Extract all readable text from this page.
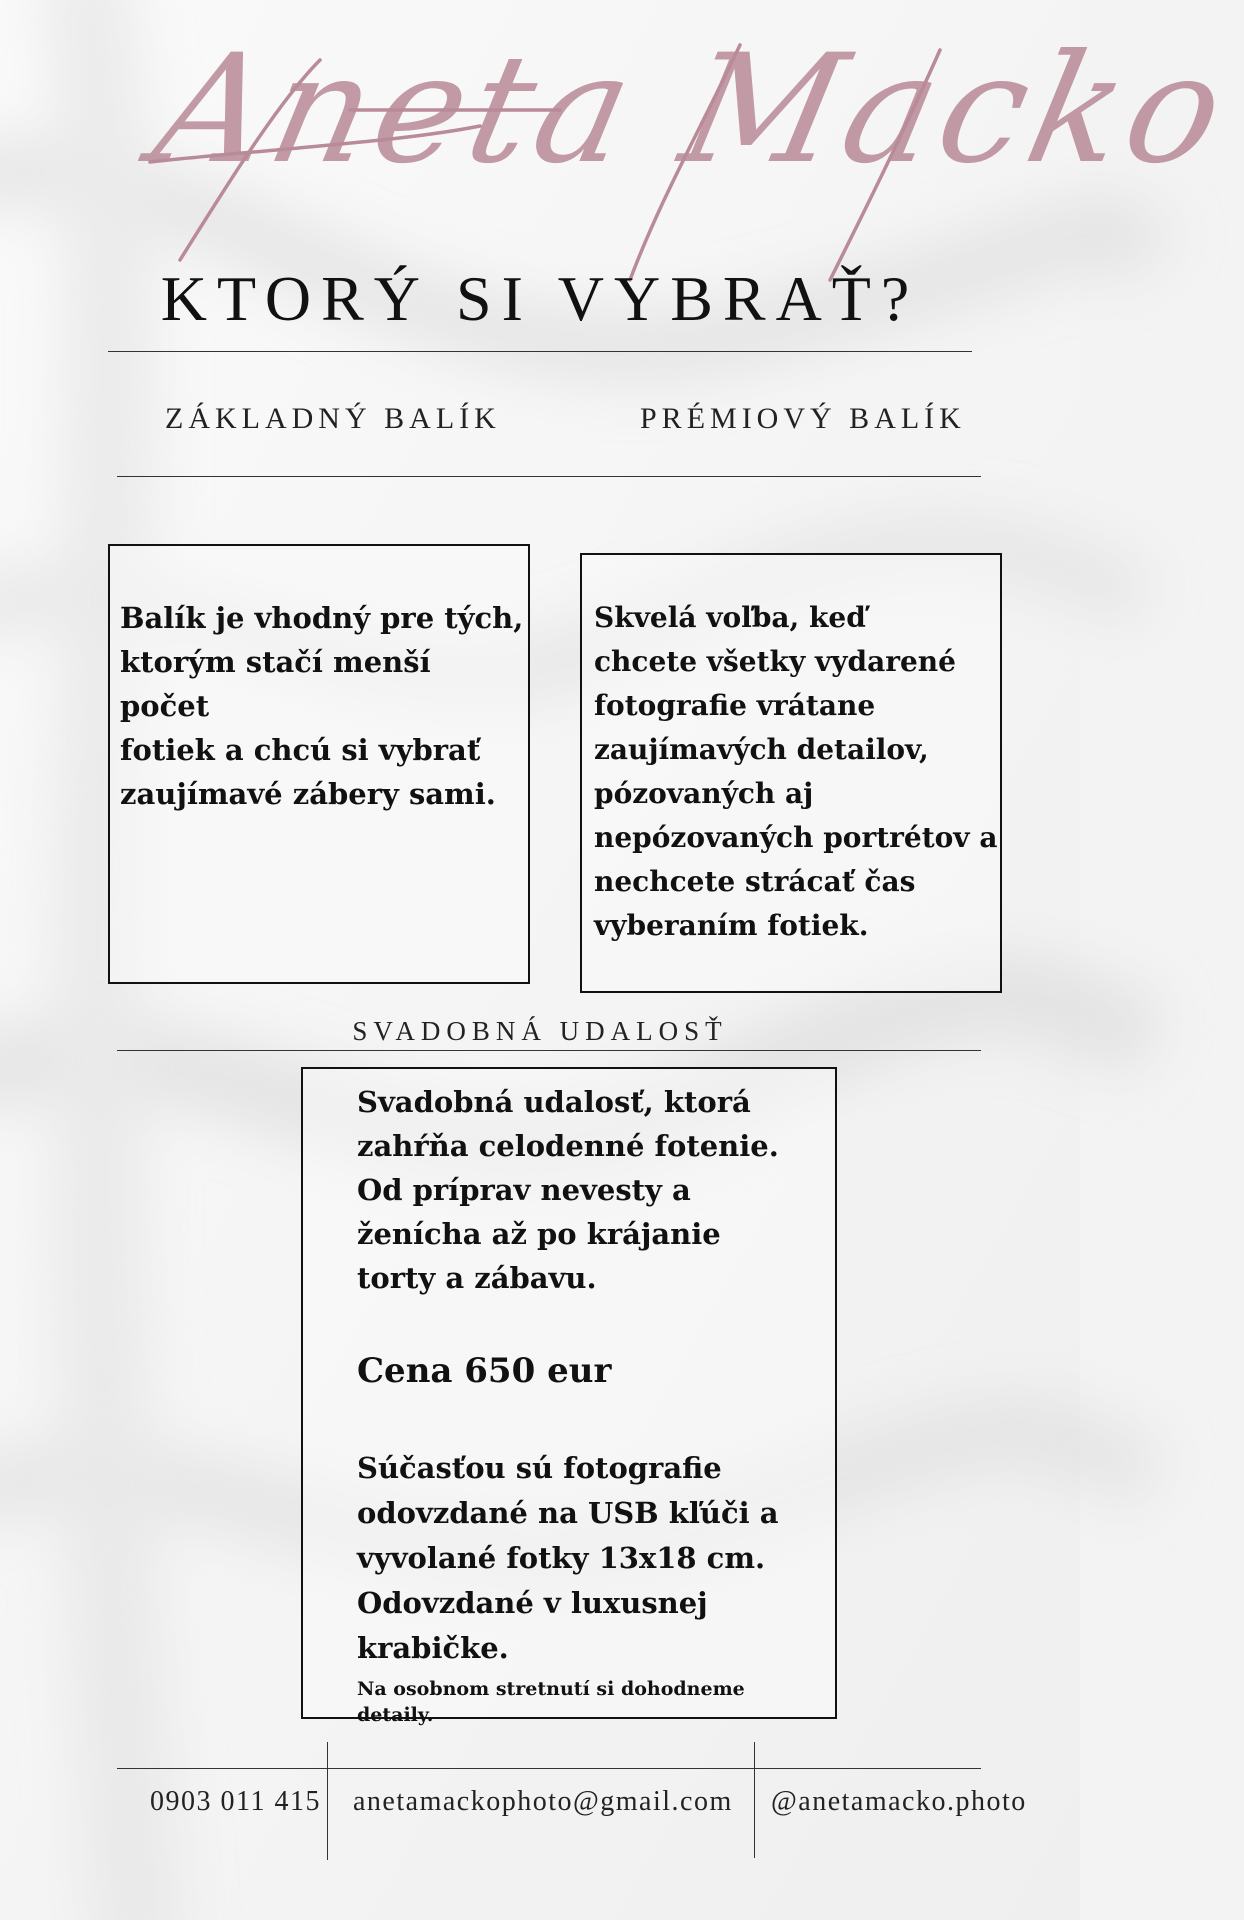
Aneta Macko
KTORÝ SI VYBRAŤ?
ZÁKLADNÝ BALÍK	PRÉMIOVÝ BALÍK
Balík je vhodný pre tých,
ktorým stačí menší počet
fotiek a chcú si vybrať
zaujímavé zábery sami.
Skvelá voľba, keď
chcete všetky vydarené
fotografie vrátane
zaujímavých detailov,
pózovaných aj
nepózovaných portrétov a
nechcete strácať čas
vyberaním fotiek.
SVADOBNÁ UDALOSŤ
Svadobná udalosť, ktorá
zahŕňa celodenné fotenie.
Od príprav nevesty a
ženícha až po krájanie
torty a zábavu.
Cena 650 eur
Súčasťou sú fotografie
odovzdané na USB kľúči a
vyvolané fotky 13x18 cm.
Odovzdané v luxusnej
krabičke.
Na osobnom stretnutí si dohodneme detaily.
0903 011 415 anetamackophoto@gmail.com @anetamacko.photo
